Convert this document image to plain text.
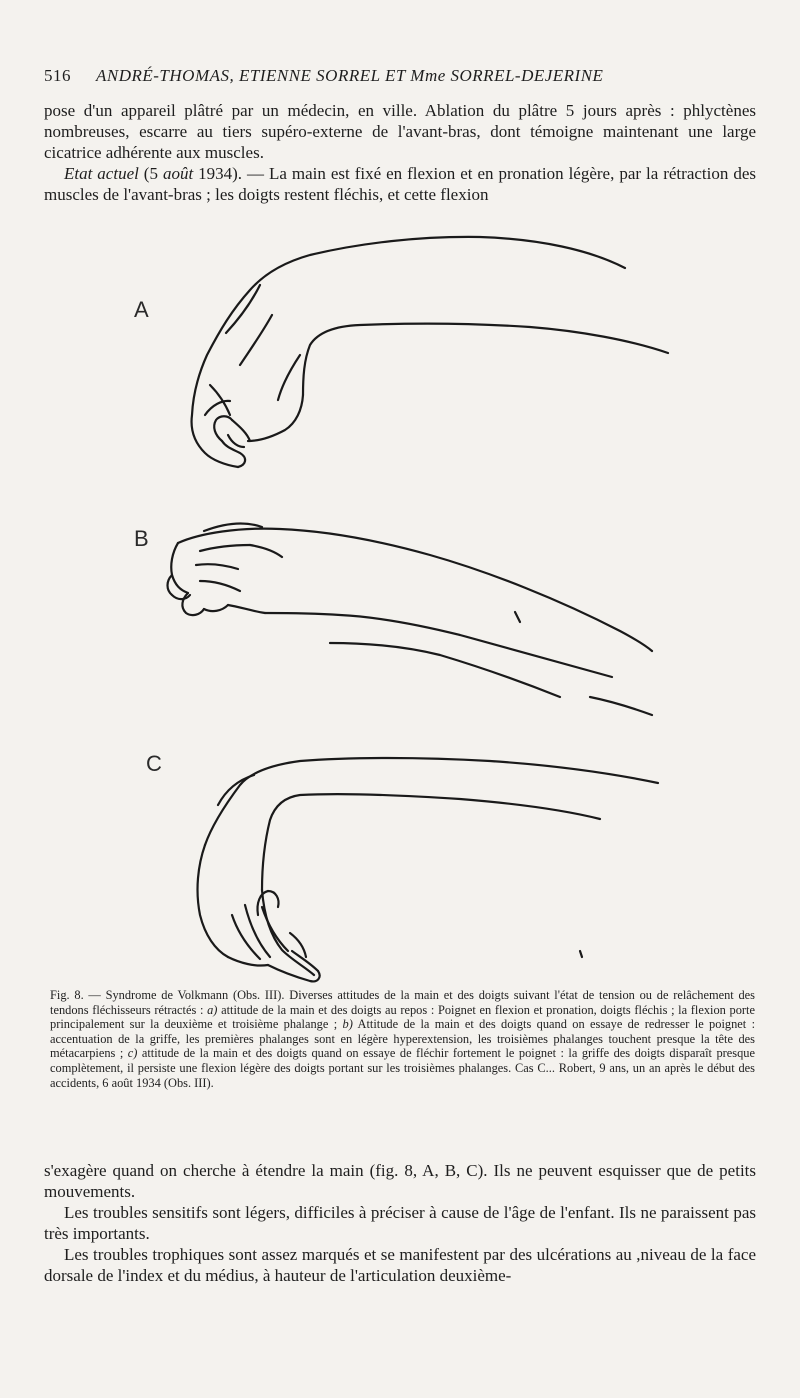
516 ANDRÉ-THOMAS, ETIENNE SORREL ET Mme SORREL-DEJERINE

pose d'un appareil plâtré par un médecin, en ville. Ablation du plâtre 5 jours après : phlyctènes nombreuses, escarre au tiers supéro-externe de l'avant-bras, dont témoigne maintenant une large cicatrice adhérente aux muscles.

Etat actuel (5 août 1934). — La main est fixé en flexion et en pronation légère, par la rétraction des muscles de l'avant-bras ; les doigts restent fléchis, et cette flexion

A
B
C
Fig. 8. — Syndrome de Volkmann (Obs. III). Diverses attitudes de la main et des doigts suivant l'état de tension ou de relâchement des tendons fléchisseurs rétractés : a) attitude de la main et des doigts au repos : Poignet en flexion et pronation, doigts fléchis ; la flexion porte principalement sur la deuxième et troisième phalange ; b) Attitude de la main et des doigts quand on essaye de redresser le poignet : accentuation de la griffe, les premières phalanges sont en légère hyperextension, les troisièmes phalanges touchent presque la tête des métacarpiens ; c) attitude de la main et des doigts quand on essaye de fléchir fortement le poignet : la griffe des doigts disparaît presque complètement, il persiste une flexion légère des doigts portant sur les troisièmes phalanges. Cas C... Robert, 9 ans, un an après le début des accidents, 6 août 1934 (Obs. III).

s'exagère quand on cherche à étendre la main (fig. 8, A, B, C). Ils ne peuvent esquisser que de petits mouvements.

Les troubles sensitifs sont légers, difficiles à préciser à cause de l'âge de l'enfant. Ils ne paraissent pas très importants.

Les troubles trophiques sont assez marqués et se manifestent par des ulcérations au ,niveau de la face dorsale de l'index et du médius, à hauteur de l'articulation deuxième-
